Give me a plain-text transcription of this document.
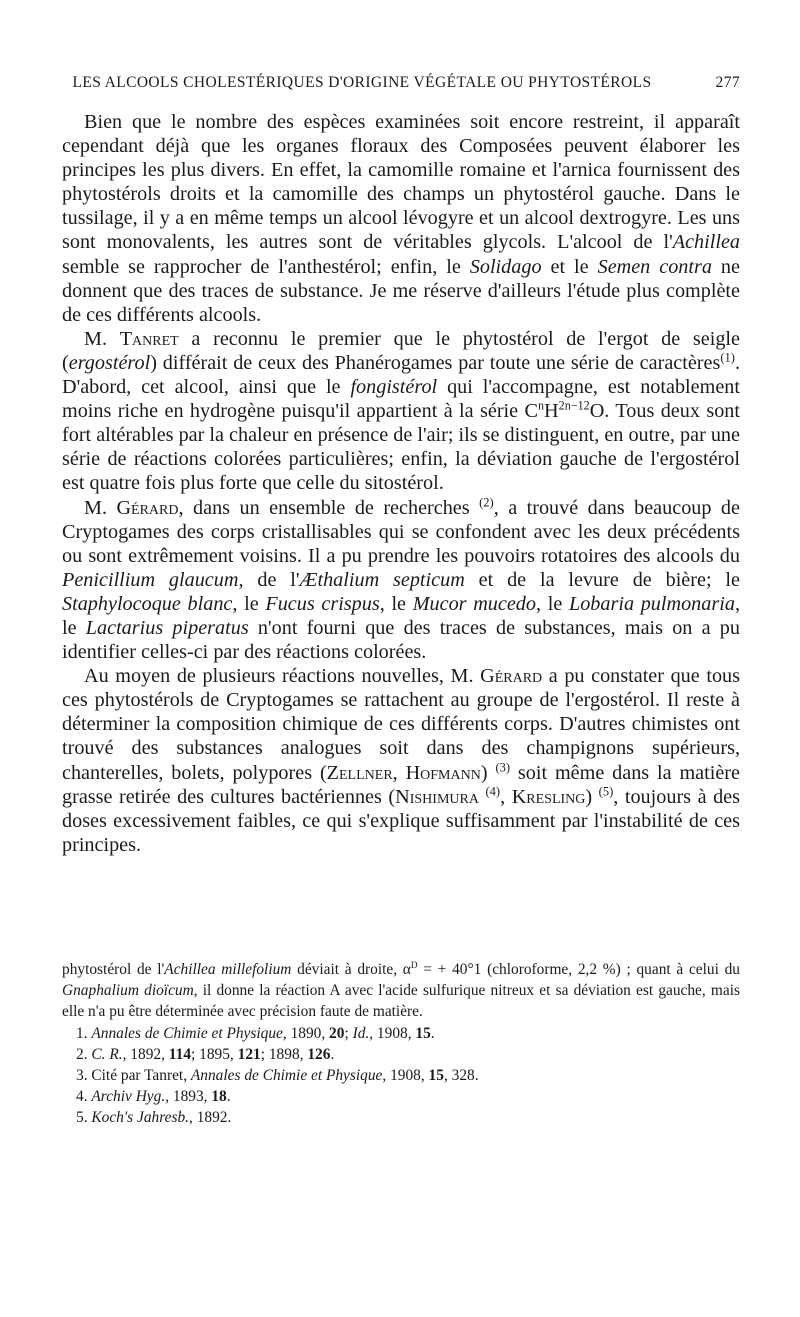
LES ALCOOLS CHOLESTÉRIQUES D'ORIGINE VÉGÉTALE OU PHYTOSTÉROLS	277

Bien que le nombre des espèces examinées soit encore restreint, il apparaît cependant déjà que les organes floraux des Composées peuvent élaborer les principes les plus divers. En effet, la camomille romaine et l'arnica fournissent des phytostérols droits et la camomille des champs un phytostérol gauche. Dans le tussilage, il y a en même temps un alcool lévogyre et un alcool dextrogyre. Les uns sont monovalents, les autres sont de véritables glycols. L'alcool de l'Achillea semble se rapprocher de l'anthestérol; enfin, le Solidago et le Semen contra ne donnent que des traces de substance. Je me réserve d'ailleurs l'étude plus complète de ces différents alcools.

M. Tanret a reconnu le premier que le phytostérol de l'ergot de seigle (ergostérol) différait de ceux des Phanérogames par toute une série de caractères$^{(1)}$. D'abord, cet alcool, ainsi que le fongistérol qui l'accompagne, est notablement moins riche en hydrogène puisqu'il appartient à la série $C^nH^{2n-12}O$. Tous deux sont fort altérables par la chaleur en présence de l'air; ils se distinguent, en outre, par une série de réactions colorées particulières; enfin, la déviation gauche de l'ergostérol est quatre fois plus forte que celle du sitostérol.

M. Gérard, dans un ensemble de recherches $^{(2)}$, a trouvé dans beaucoup de Cryptogames des corps cristallisables qui se confondent avec les deux précédents ou sont extrêmement voisins. Il a pu prendre les pouvoirs rotatoires des alcools du Penicillium glaucum, de l'Æthalium septicum et de la levure de bière; le Staphylocoque blanc, le Fucus crispus, le Mucor mucedo, le Lobaria pulmonaria, le Lactarius piperatus n'ont fourni que des traces de substances, mais on a pu identifier celles-ci par des réactions colorées.

Au moyen de plusieurs réactions nouvelles, M. Gérard a pu constater que tous ces phytostérols de Cryptogames se rattachent au groupe de l'ergostérol. Il reste à déterminer la composition chimique de ces différents corps. D'autres chimistes ont trouvé des substances analogues soit dans des champignons supérieurs, chanterelles, bolets, polypores (Zellner, Hofmann) $^{(3)}$ soit même dans la matière grasse retirée des cultures bactériennes (Nishimura $^{(4)}$, Kresling) $^{(5)}$, toujours à des doses excessivement faibles, ce qui s'explique suffisamment par l'instabilité de ces principes.

phytostérol de l'Achillea millefolium déviait à droite, $\alpha^D$ = + 40°1 (chloroforme, 2,2 %) ; quant à celui du Gnaphalium dioïcum, il donne la réaction A avec l'acide sulfurique nitreux et sa déviation est gauche, mais elle n'a pu être déterminée avec précision faute de matière.

1. Annales de Chimie et Physique, 1890, 20; Id., 1908, 15.

2. C. R., 1892, 114; 1895, 121; 1898, 126.

3. Cité par Tanret, Annales de Chimie et Physique, 1908, 15, 328.

4. Archiv Hyg., 1893, 18.

5. Koch's Jahresb., 1892.
